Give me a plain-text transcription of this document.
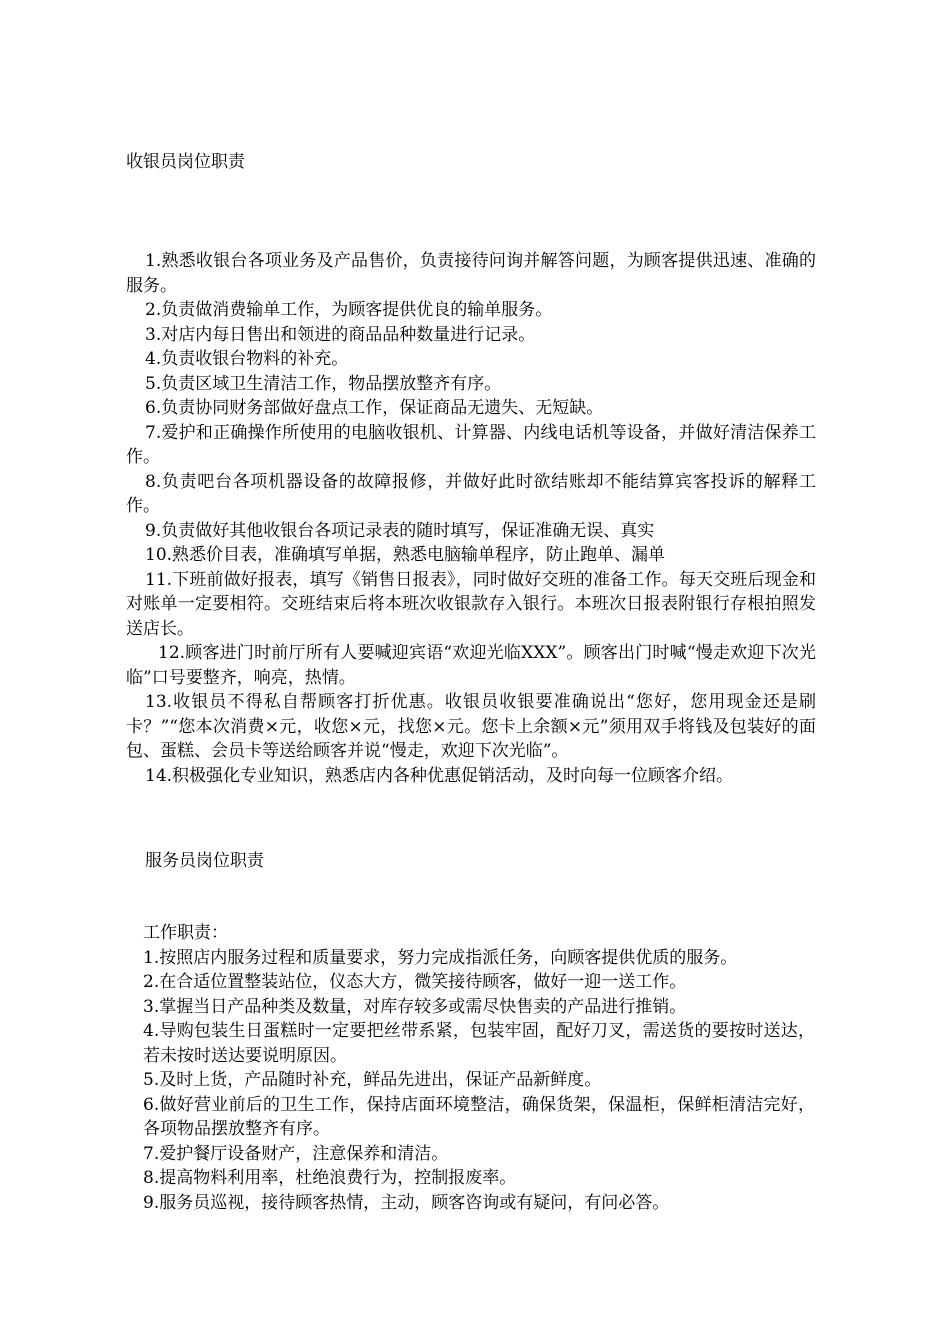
收银员岗位职责

1.熟悉收银台各项业务及产品售价，负责接待问询并解答问题，为顾客提供迅速、准确的服务。

2.负责做消费输单工作，为顾客提供优良的输单服务。

3.对店内每日售出和领进的商品品种数量进行记录。

4.负责收银台物料的补充。

5.负责区域卫生清洁工作，物品摆放整齐有序。

6.负责协同财务部做好盘点工作，保证商品无遗失、无短缺。

7.爱护和正确操作所使用的电脑收银机、计算器、内线电话机等设备，并做好清洁保养工作。

8.负责吧台各项机器设备的故障报修，并做好此时欲结账却不能结算宾客投诉的解释工作。

9.负责做好其他收银台各项记录表的随时填写，保证准确无误、真实

10.熟悉价目表，准确填写单据，熟悉电脑输单程序，防止跑单、漏单

11.下班前做好报表，填写《销售日报表》，同时做好交班的准备工作。每天交班后现金和对账单一定要相符。交班结束后将本班次收银款存入银行。本班次日报表附银行存根拍照发送店长。

12.顾客进门时前厅所有人要喊迎宾语“欢迎光临XXX”。顾客出门时喊“慢走欢迎下次光临”口号要整齐，响亮，热情。

13.收银员不得私自帮顾客打折优惠。收银员收银要准确说出“您好，您用现金还是刷卡？”“您本次消费×元，收您×元，找您×元。您卡上余额×元”须用双手将钱及包装好的面包、蛋糕、会员卡等送给顾客并说“慢走，欢迎下次光临”。

14.积极强化专业知识，熟悉店内各种优惠促销活动，及时向每一位顾客介绍。

服务员岗位职责

工作职责：

1.按照店内服务过程和质量要求，努力完成指派任务，向顾客提供优质的服务。

2.在合适位置整装站位，仪态大方，微笑接待顾客，做好一迎一送工作。

3.掌握当日产品种类及数量，对库存较多或需尽快售卖的产品进行推销。

4.导购包装生日蛋糕时一定要把丝带系紧，包装牢固，配好刀叉，需送货的要按时送达，若未按时送达要说明原因。

5.及时上货，产品随时补充，鲜品先进出，保证产品新鲜度。

6.做好营业前后的卫生工作，保持店面环境整洁，确保货架，保温柜，保鲜柜清洁完好，各项物品摆放整齐有序。

7.爱护餐厅设备财产，注意保养和清洁。

8.提高物料利用率，杜绝浪费行为，控制报废率。

9.服务员巡视，接待顾客热情，主动，顾客咨询或有疑问，有问必答。
